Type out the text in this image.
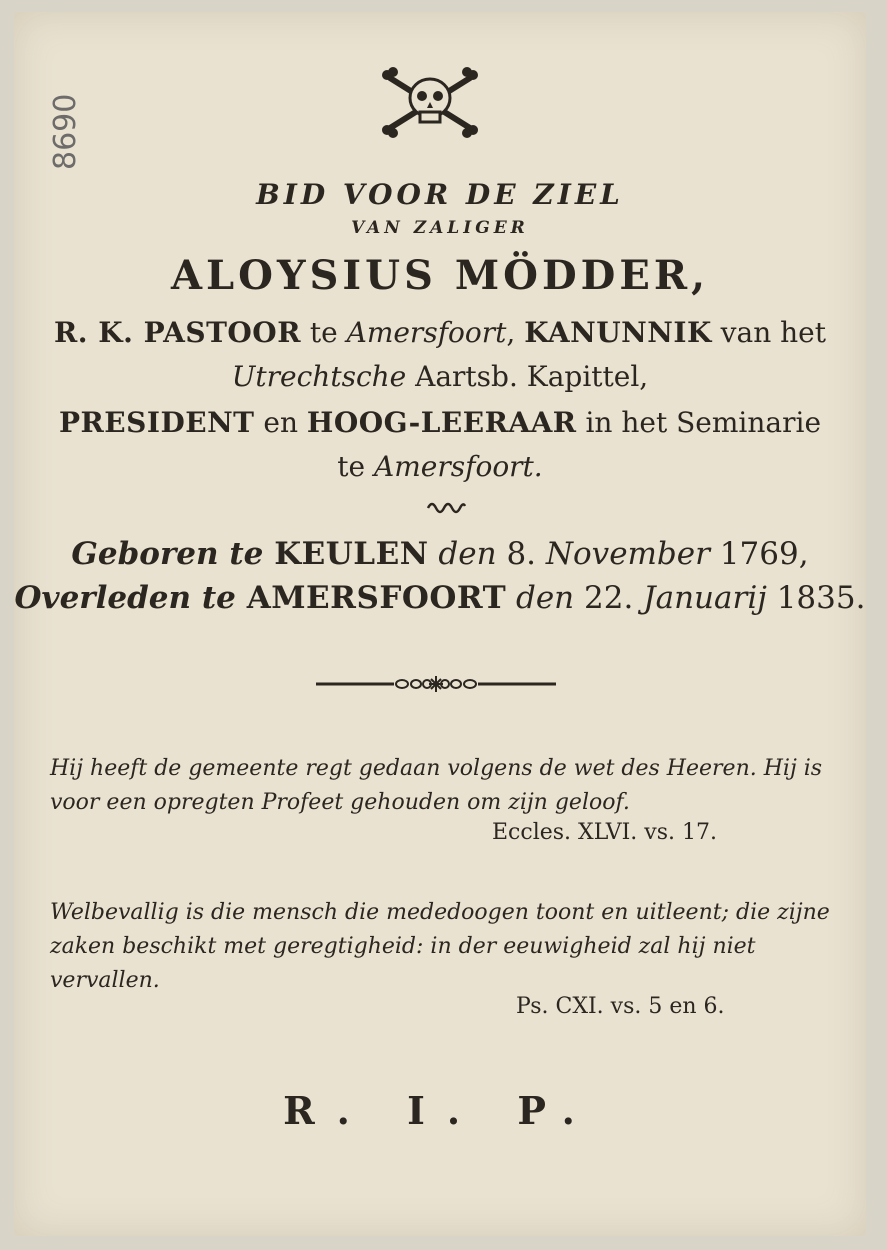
8690
BID VOOR DE ZIEL
VAN ZALIGER
ALOYSIUS MÖDDER,
R. K. PASTOOR te Amersfoort, KANUNNIK van het
Utrechtsche Aartsb. Kapittel,
PRESIDENT en HOOG-LEERAAR in het Seminarie
te Amersfoort.
Geboren te KEULEN den 8. November 1769,
Overleden te AMERSFOORT den 22. Januarij 1835.
Hij heeft de gemeente regt gedaan volgens de wet des Heeren. Hij is voor een opregten Profeet gehouden om zijn geloof.
Eccles. XLVI. vs. 17.
Welbevallig is die mensch die mededoogen toont en uitleent; die zijne zaken beschikt met geregtigheid: in der eeuwigheid zal hij niet vervallen.
Ps. CXI. vs. 5 en 6.
R. I. P.
